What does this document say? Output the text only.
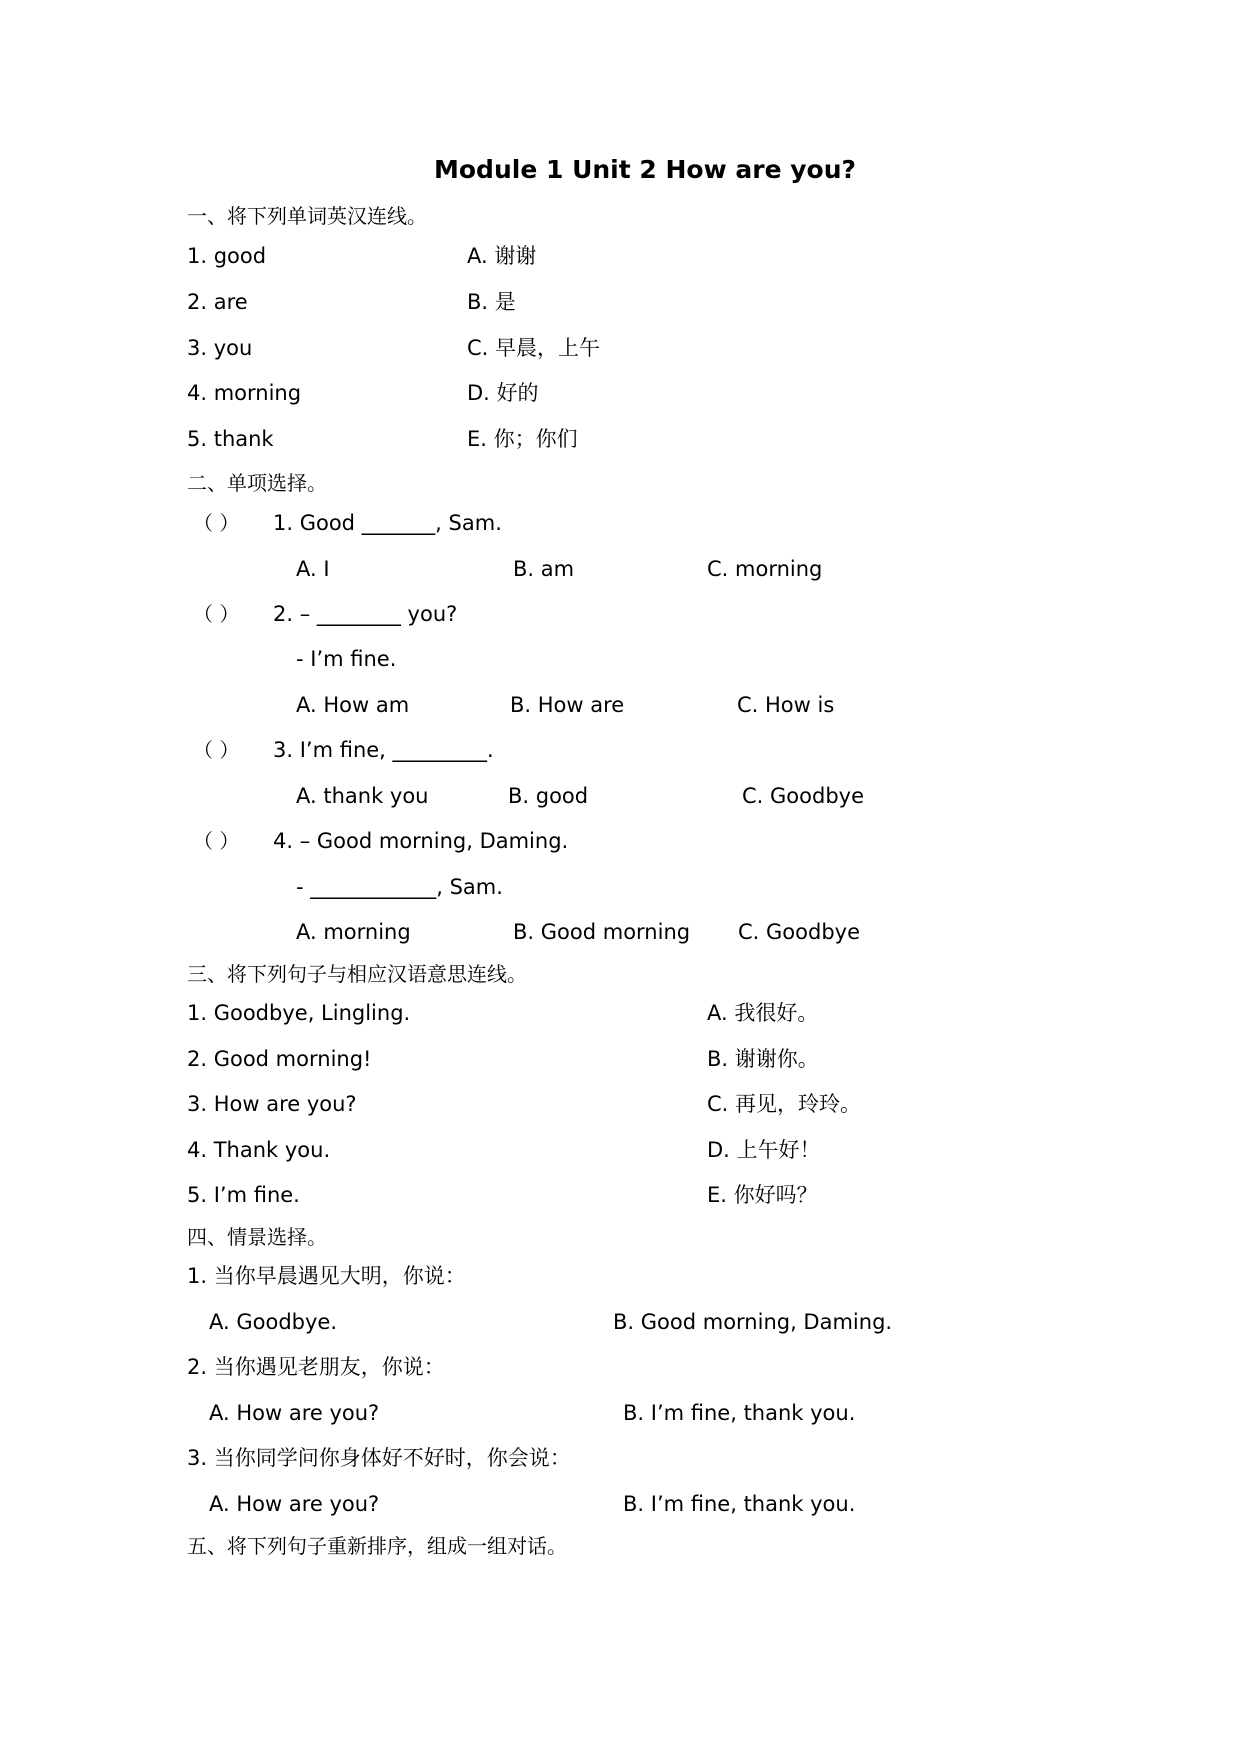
Module 1 Unit 2 How are you?
一、将下列单词英汉连线。
1. good	A. 谢谢
2. are	B. 是
3. you	C. 早晨，上午
4. morning	D. 好的
5. thank	E. 你；你们
二、单项选择。
（ ） 1. Good _______, Sam.
A. I	B. am	C. morning
（ ） 2. – ________ you?
- I’m fine.
A. How am	B. How are	C. How is
（ ） 3. I’m fine, _________.
A. thank you	B. good	C. Goodbye
（ ） 4. – Good morning, Daming.
- ____________, Sam.
A. morning	B. Good morning C. Goodbye
三、将下列句子与相应汉语意思连线。
1. Goodbye, Lingling.	A. 我很好。
2. Good morning!	B. 谢谢你。
3. How are you?	C. 再见，玲玲。
4. Thank you.	D. 上午好！
5. I’m fine.	E. 你好吗？
四、情景选择。
1. 当你早晨遇见大明，你说：
A. Goodbye.	B. Good morning, Daming.
2. 当你遇见老朋友，你说：
A. How are you?	B. I’m fine, thank you.
3. 当你同学问你身体好不好时，你会说：
A. How are you?	B. I’m fine, thank you.
五、将下列句子重新排序，组成一组对话。
